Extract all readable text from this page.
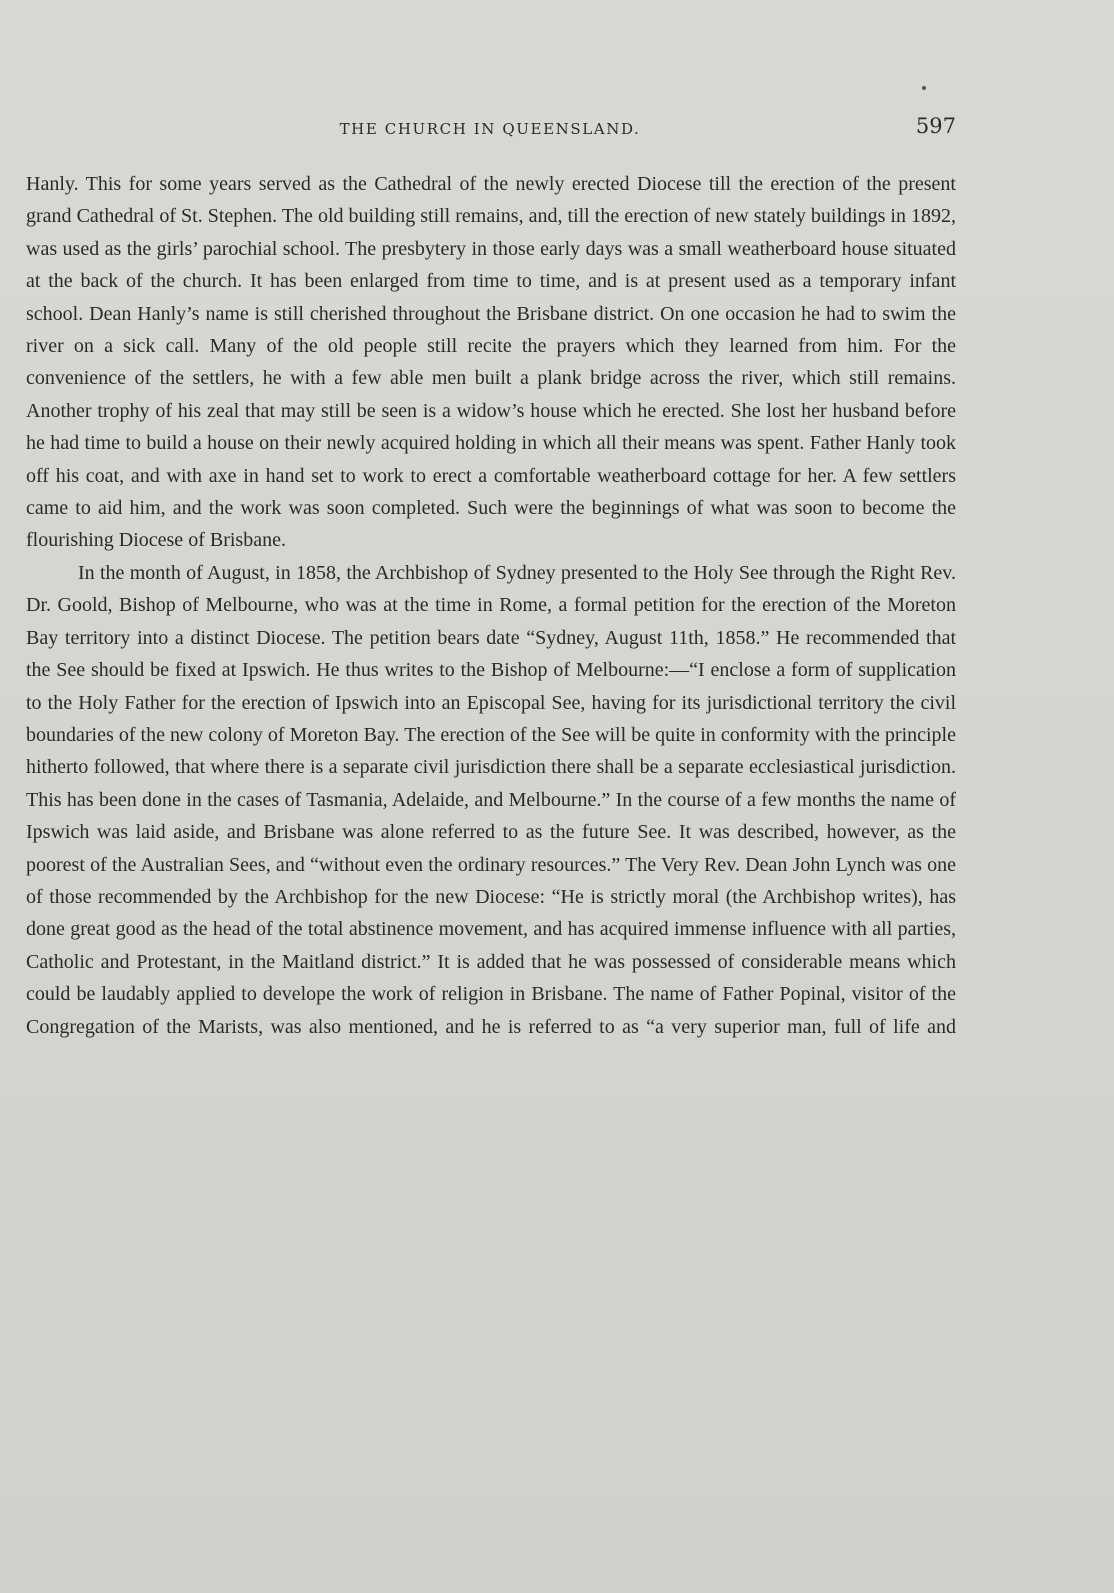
THE CHURCH IN QUEENSLAND.	597

Hanly. This for some years served as the Cathedral of the newly erected Diocese till the erection of the present grand Cathedral of St. Stephen. The old building still remains, and, till the erection of new stately buildings in 1892, was used as the girls’ parochial school. The presbytery in those early days was a small weatherboard house situated at the back of the church. It has been enlarged from time to time, and is at present used as a temporary infant school. Dean Hanly’s name is still cherished throughout the Brisbane district. On one occasion he had to swim the river on a sick call. Many of the old people still recite the prayers which they learned from him. For the convenience of the settlers, he with a few able men built a plank bridge across the river, which still remains. Another trophy of his zeal that may still be seen is a widow’s house which he erected. She lost her husband before he had time to build a house on their newly acquired holding in which all their means was spent. Father Hanly took off his coat, and with axe in hand set to work to erect a comfortable weatherboard cottage for her. A few settlers came to aid him, and the work was soon completed. Such were the beginnings of what was soon to become the flourishing Diocese of Brisbane.

In the month of August, in 1858, the Archbishop of Sydney presented to the Holy See through the Right Rev. Dr. Goold, Bishop of Melbourne, who was at the time in Rome, a formal petition for the erection of the Moreton Bay territory into a distinct Diocese. The petition bears date “Sydney, August 11th, 1858.” He recommended that the See should be fixed at Ipswich. He thus writes to the Bishop of Melbourne:—“I enclose a form of supplication to the Holy Father for the erection of Ipswich into an Episcopal See, having for its jurisdictional territory the civil boundaries of the new colony of Moreton Bay. The erection of the See will be quite in conformity with the principle hitherto followed, that where there is a separate civil jurisdiction there shall be a separate ecclesiastical jurisdiction. This has been done in the cases of Tasmania, Adelaide, and Melbourne.” In the course of a few months the name of Ipswich was laid aside, and Brisbane was alone referred to as the future See. It was described, however, as the poorest of the Australian Sees, and “without even the ordinary resources.” The Very Rev. Dean John Lynch was one of those recommended by the Archbishop for the new Diocese: “He is strictly moral (the Archbishop writes), has done great good as the head of the total abstinence movement, and has acquired immense influence with all parties, Catholic and Protestant, in the Maitland district.” It is added that he was possessed of considerable means which could be laudably applied to develope the work of religion in Brisbane. The name of Father Popinal, visitor of the Congregation of the Marists, was also mentioned, and he is referred to as “a very superior man, full of life and
